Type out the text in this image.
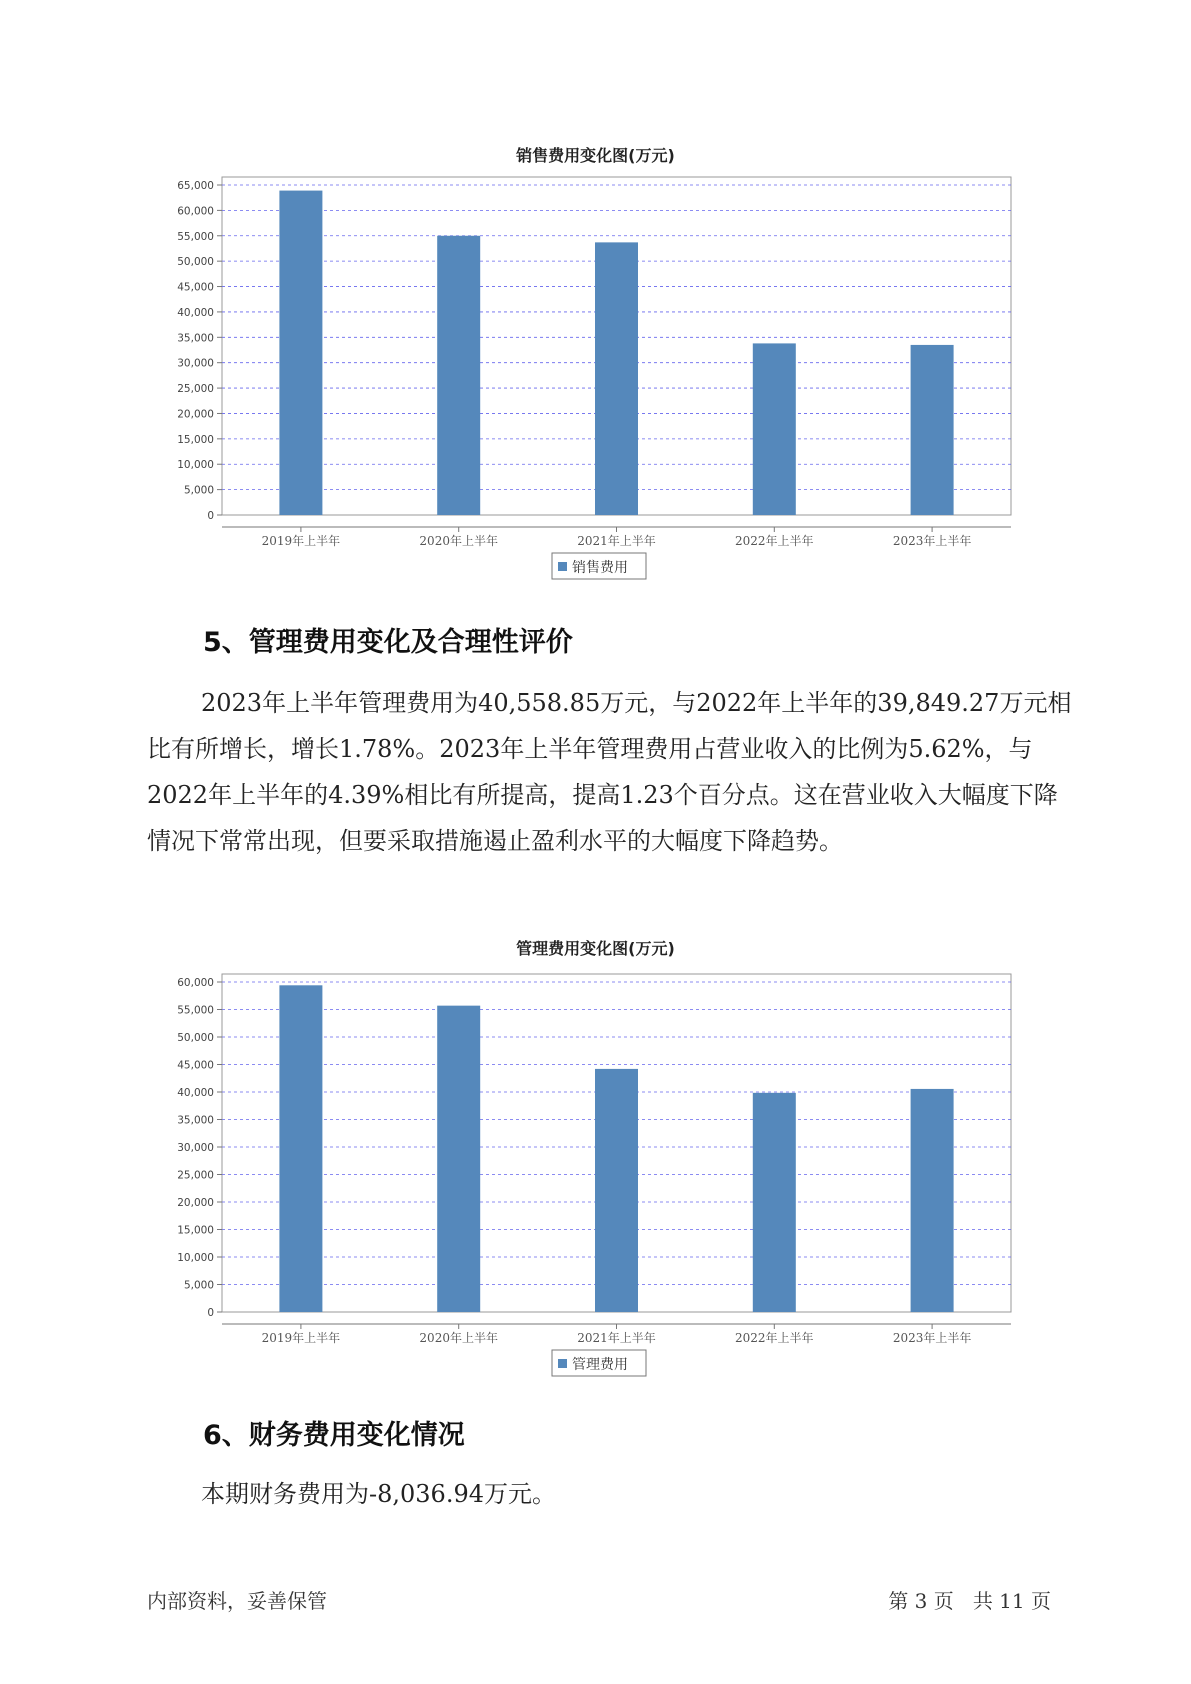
销售费用变化图(万元)
0
5,000
10,000
15,000
20,000
25,000
30,000
35,000
40,000
45,000
50,000
55,000
60,000
65,000
2019年上半年	2020年上半年	2021年上半年	2022年上半年	2023年上半年
销售费用
5、管理费用变化及合理性评价

2023年上半年管理费用为40,558.85万元，与2022年上半年的39,849.27万元相比有所增长，增长1.78%。2023年上半年管理费用占营业收入的比例为5.62%，与2022年上半年的4.39%相比有所提高，提高1.23个百分点。这在营业收入大幅度下降情况下常常出现，但要采取措施遏止盈利水平的大幅度下降趋势。

管理费用变化图(万元)
0
5,000
10,000
15,000
20,000
25,000
30,000
35,000
40,000
45,000
50,000
55,000
60,000
2019年上半年	2020年上半年	2021年上半年	2022年上半年	2023年上半年
管理费用
6、财务费用变化情况

本期财务费用为-8,036.94万元。

内部资料，妥善保管	第 3 页   共 11 页
